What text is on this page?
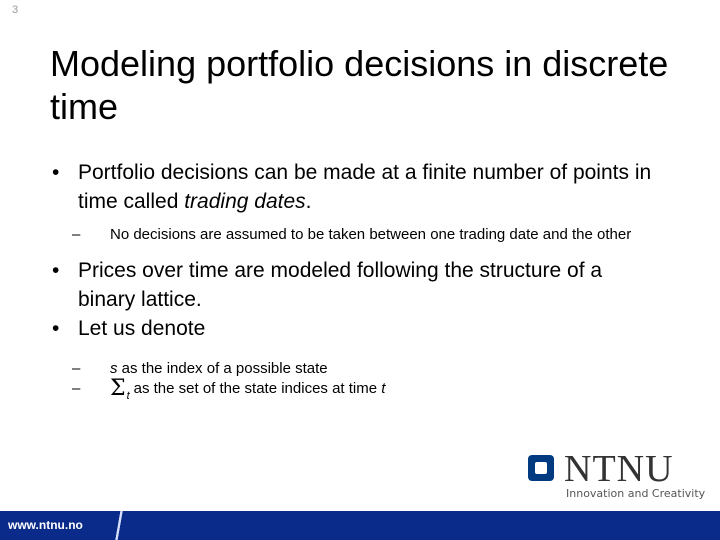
3
Modeling portfolio decisions in discrete time
• Portfolio decisions can be made at a finite number of points in time called trading dates.
– No decisions are assumed to be taken between one trading date and the other
• Prices over time are modeled following the structure of a binary lattice.
• Let us denote
– s as the index of a possible state
– $\Sigma_t$ as the set of the state indices at time t
NTNU
Innovation and Creativity
www.ntnu.no
